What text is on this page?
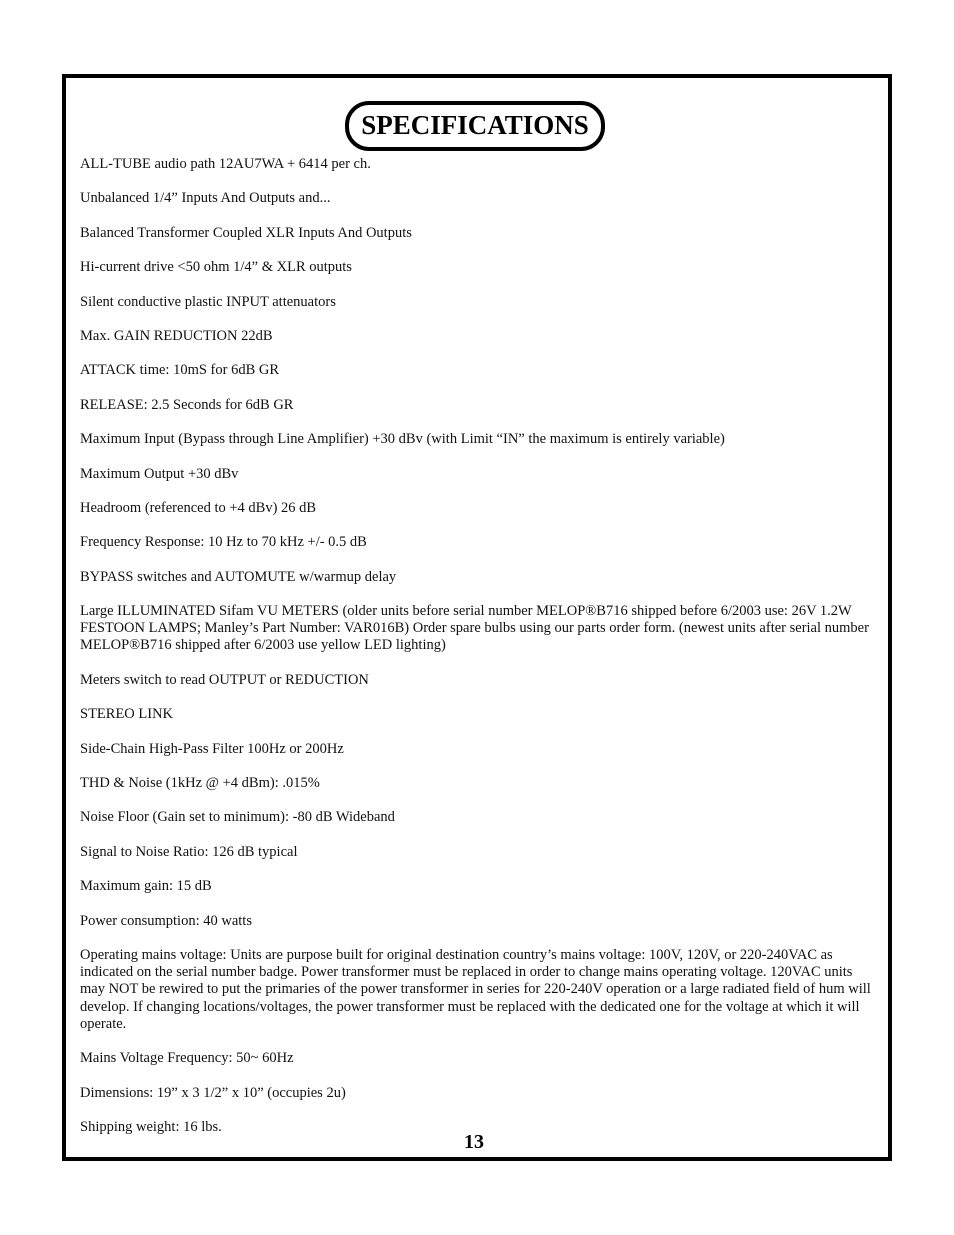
SPECIFICATIONS
ALL-TUBE audio path 12AU7WA + 6414 per ch.
Unbalanced 1/4” Inputs And Outputs and...
Balanced Transformer Coupled XLR Inputs And Outputs
Hi-current drive <50 ohm 1/4” & XLR outputs
Silent conductive plastic INPUT attenuators
Max. GAIN REDUCTION 22dB
ATTACK time: 10mS for 6dB GR
RELEASE: 2.5 Seconds for 6dB GR
Maximum Input (Bypass through Line Amplifier) +30 dBv (with Limit “IN” the maximum is entirely variable)
Maximum Output +30 dBv
Headroom (referenced to +4 dBv) 26 dB
Frequency Response: 10 Hz to 70 kHz +/- 0.5 dB
BYPASS switches and AUTOMUTE w/warmup delay
Large ILLUMINATED Sifam VU METERS (older units before serial number MELOP®B716 shipped before 6/2003 use: 26V 1.2W FESTOON LAMPS; Manley’s Part Number: VAR016B) Order spare bulbs using our parts order form. (newest units after serial number MELOP®B716 shipped after 6/2003 use yellow LED lighting)
Meters switch to read OUTPUT or REDUCTION
STEREO LINK
Side-Chain High-Pass Filter 100Hz or 200Hz
THD & Noise (1kHz @ +4 dBm): .015%
Noise Floor (Gain set to minimum): -80 dB Wideband
Signal to Noise Ratio: 126 dB typical
Maximum gain: 15 dB
Power consumption: 40 watts
Operating mains voltage: Units are purpose built for original destination country’s mains voltage: 100V, 120V, or 220-240VAC as indicated on the serial number badge. Power transformer must be replaced in order to change mains operating voltage. 120VAC units may NOT be rewired to put the primaries of the power transformer in series for 220-240V operation or a large radiated field of hum will develop. If changing locations/voltages, the power transformer must be replaced with the dedicated one for the voltage at which it will operate.
Mains Voltage Frequency: 50~ 60Hz
Dimensions: 19” x 3 1/2” x 10” (occupies 2u)
Shipping weight: 16 lbs.
13
